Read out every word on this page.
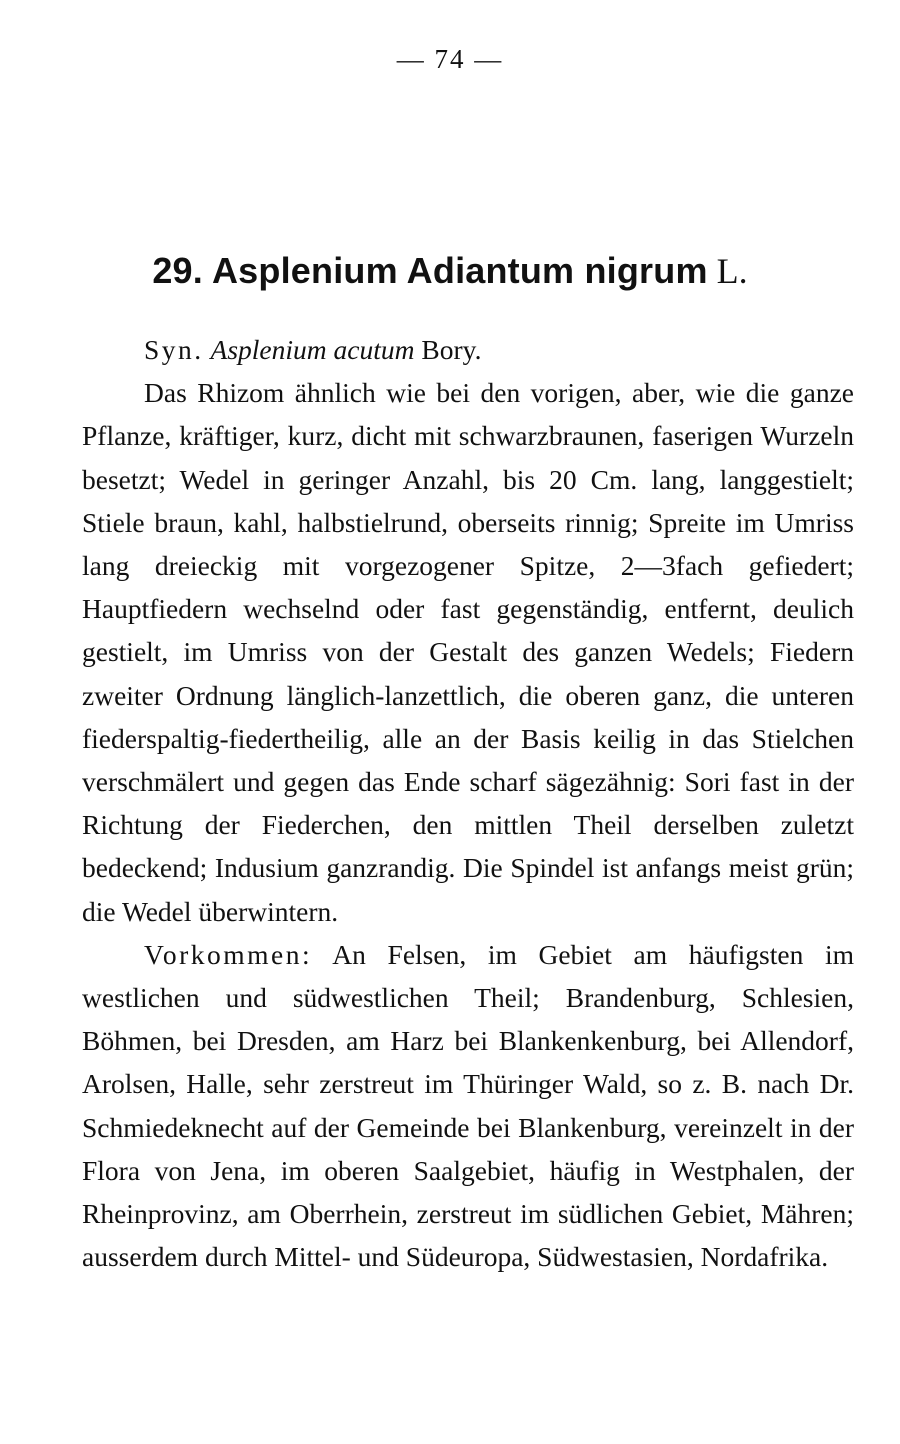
— 74 —
29. Asplenium Adiantum nigrum L.

Syn. Asplenium acutum Bory.

Das Rhizom ähnlich wie bei den vorigen, aber, wie die ganze Pflanze, kräftiger, kurz, dicht mit schwarzbraunen, faserigen Wurzeln besetzt; Wedel in geringer Anzahl, bis 20 Cm. lang, langgestielt; Stiele braun, kahl, halbstielrund, oberseits rinnig; Spreite im Umriss lang dreieckig mit vorgezogener Spitze, 2—3fach gefiedert; Hauptfiedern wechselnd oder fast gegenständig, entfernt, deulich gestielt, im Umriss von der Gestalt des ganzen Wedels; Fiedern zweiter Ordnung länglich-lanzettlich, die oberen ganz, die unteren fiederspaltig-fiedertheilig, alle an der Basis keilig in das Stielchen verschmälert und gegen das Ende scharf sägezähnig: Sori fast in der Richtung der Fiederchen, den mittlen Theil derselben zuletzt bedeckend; Indusium ganzrandig. Die Spindel ist anfangs meist grün; die Wedel überwintern.

Vorkommen: An Felsen, im Gebiet am häufigsten im westlichen und südwestlichen Theil; Brandenburg, Schlesien, Böhmen, bei Dresden, am Harz bei Blankenkenburg, bei Allendorf, Arolsen, Halle, sehr zerstreut im Thüringer Wald, so z. B. nach Dr. Schmiedeknecht auf der Gemeinde bei Blankenburg, vereinzelt in der Flora von Jena, im oberen Saalgebiet, häufig in Westphalen, der Rheinprovinz, am Oberrhein, zerstreut im südlichen Gebiet, Mähren; ausserdem durch Mittel- und Südeuropa, Südwestasien, Nordafrika.
